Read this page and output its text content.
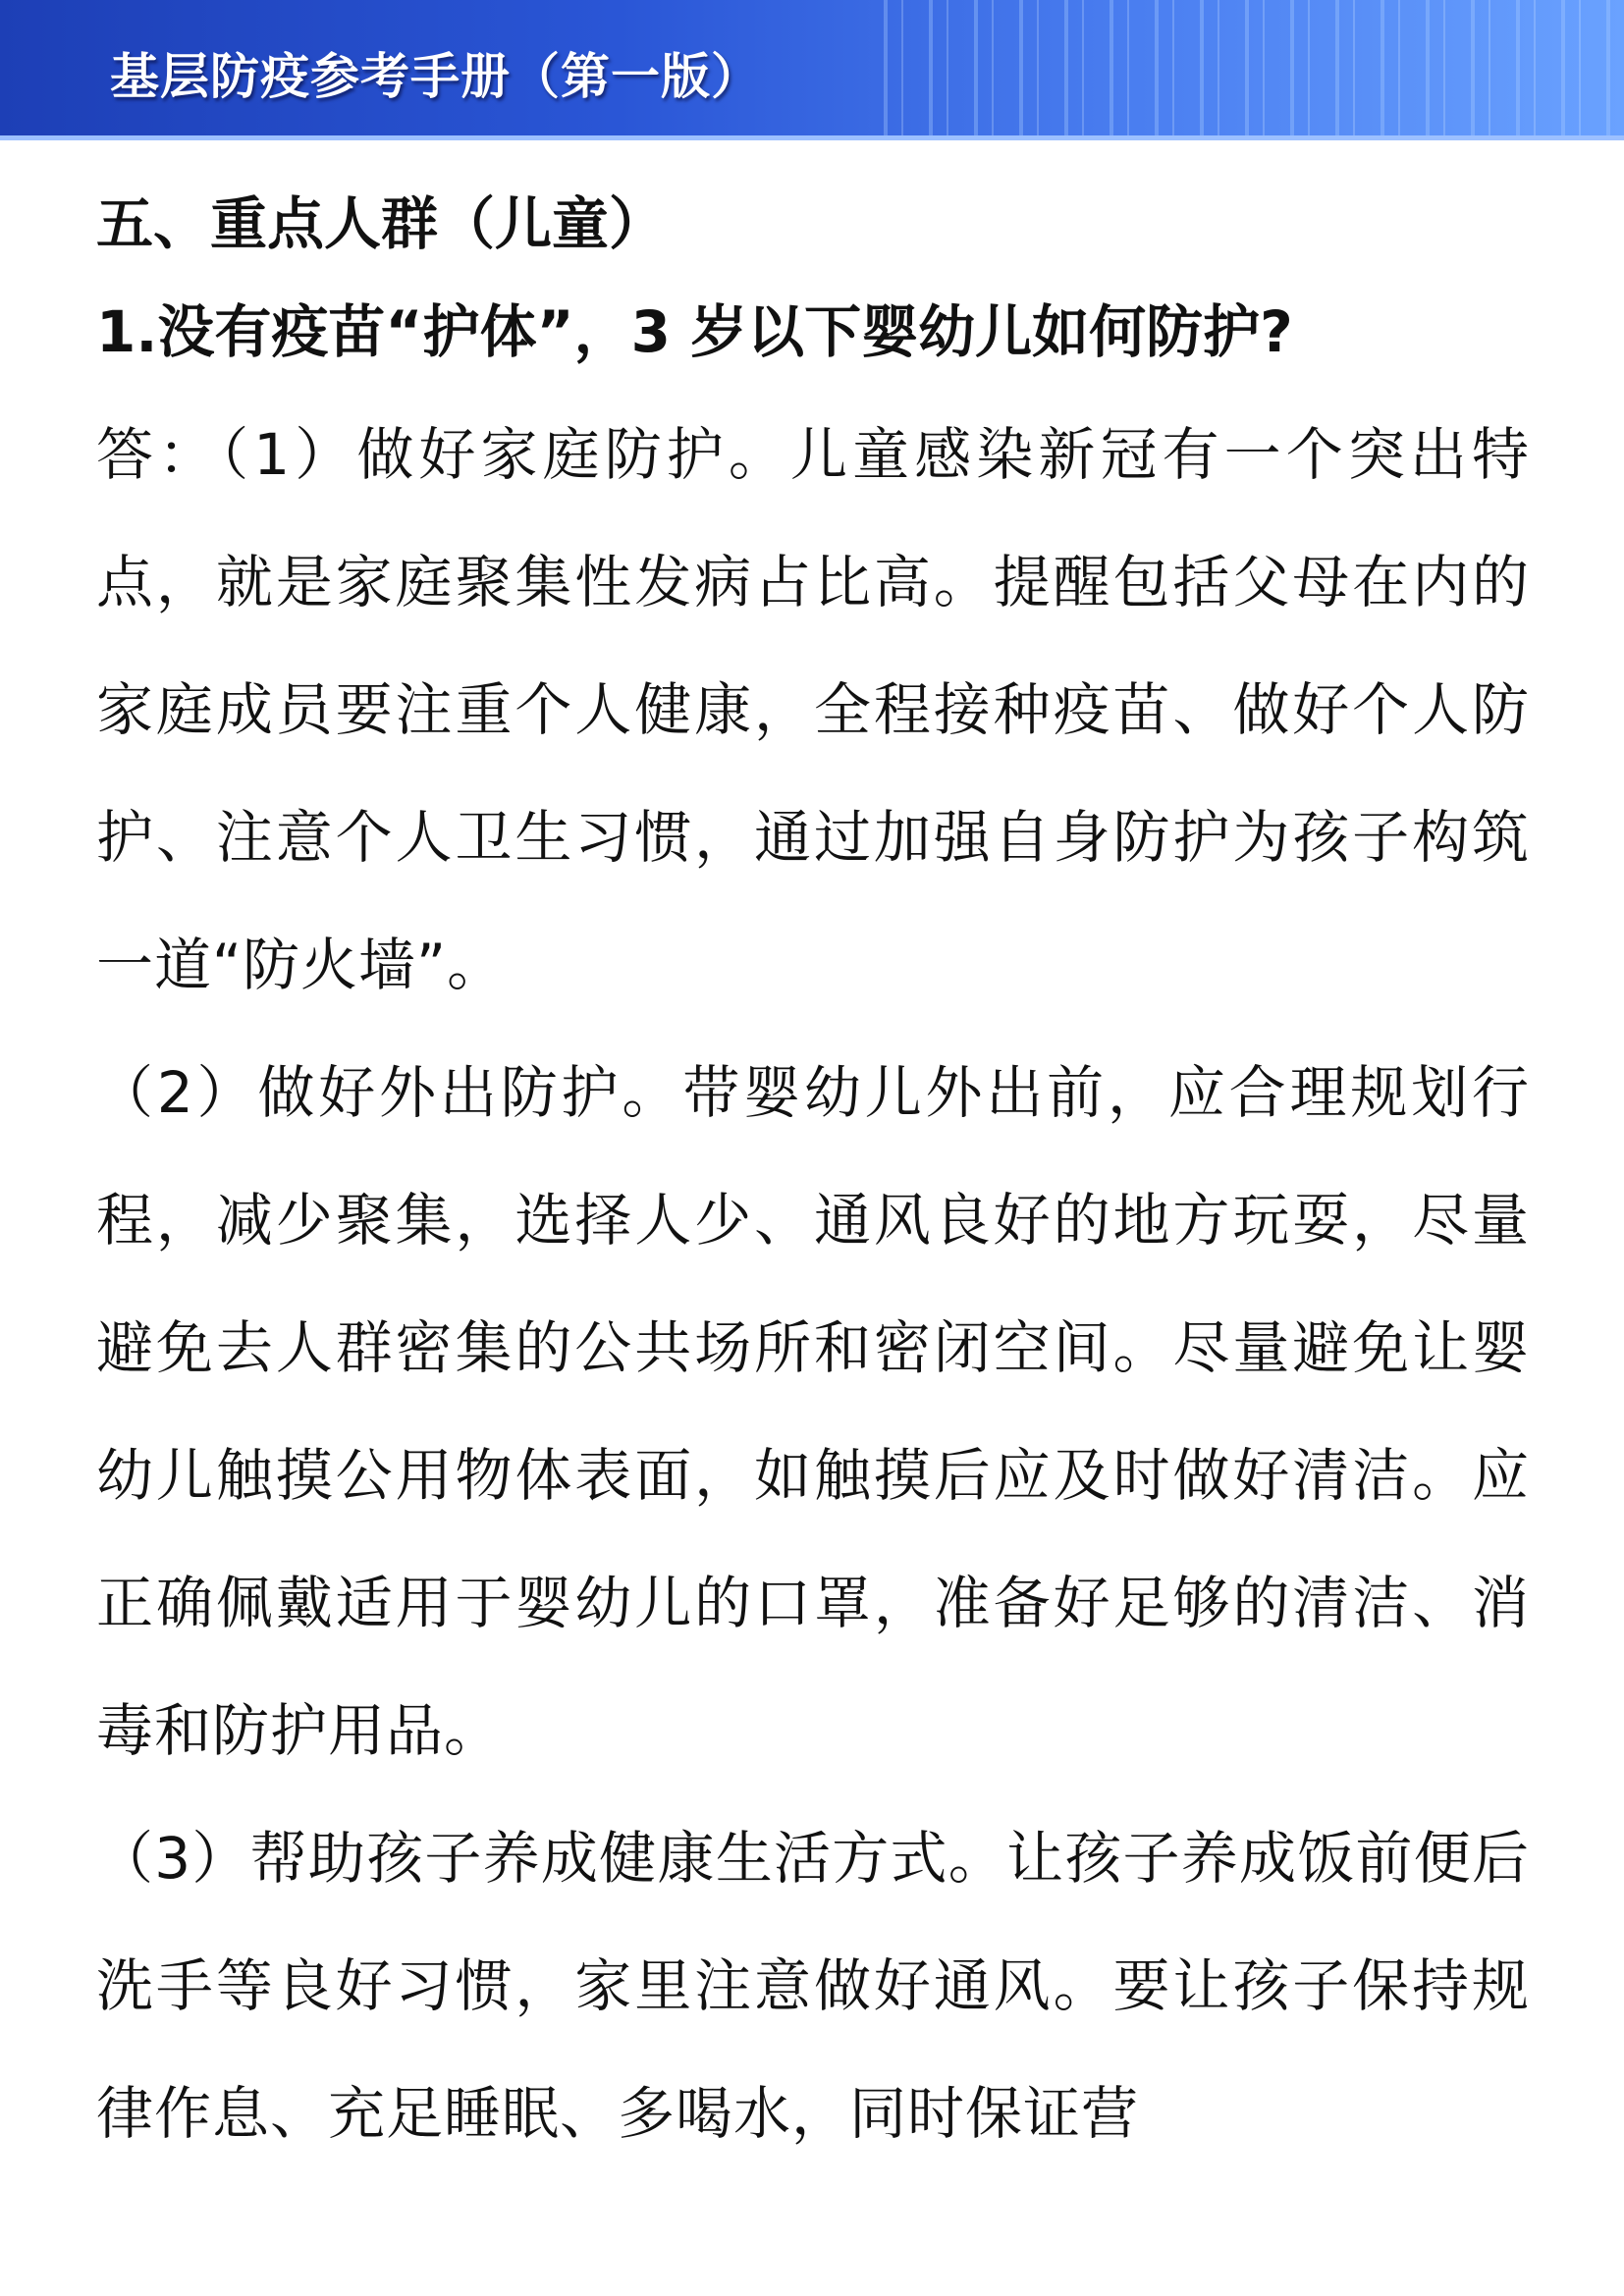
基层防疫参考手册（第一版）
五、重点人群（儿童）
1.没有疫苗“护体”，3 岁以下婴幼儿如何防护?
答：（1）做好家庭防护。儿童感染新冠有一个突出特点，就是家庭聚集性发病占比高。提醒包括父母在内的家庭成员要注重个人健康，全程接种疫苗、做好个人防护、注意个人卫生习惯，通过加强自身防护为孩子构筑一道“防火墙”。
（2）做好外出防护。带婴幼儿外出前，应合理规划行程，减少聚集，选择人少、通风良好的地方玩耍，尽量避免去人群密集的公共场所和密闭空间。尽量避免让婴幼儿触摸公用物体表面，如触摸后应及时做好清洁。应正确佩戴适用于婴幼儿的口罩，准备好足够的清洁、消毒和防护用品。
（3）帮助孩子养成健康生活方式。让孩子养成饭前便后洗手等良好习惯，家里注意做好通风。要让孩子保持规律作息、充足睡眠、多喝水，同时保证营
